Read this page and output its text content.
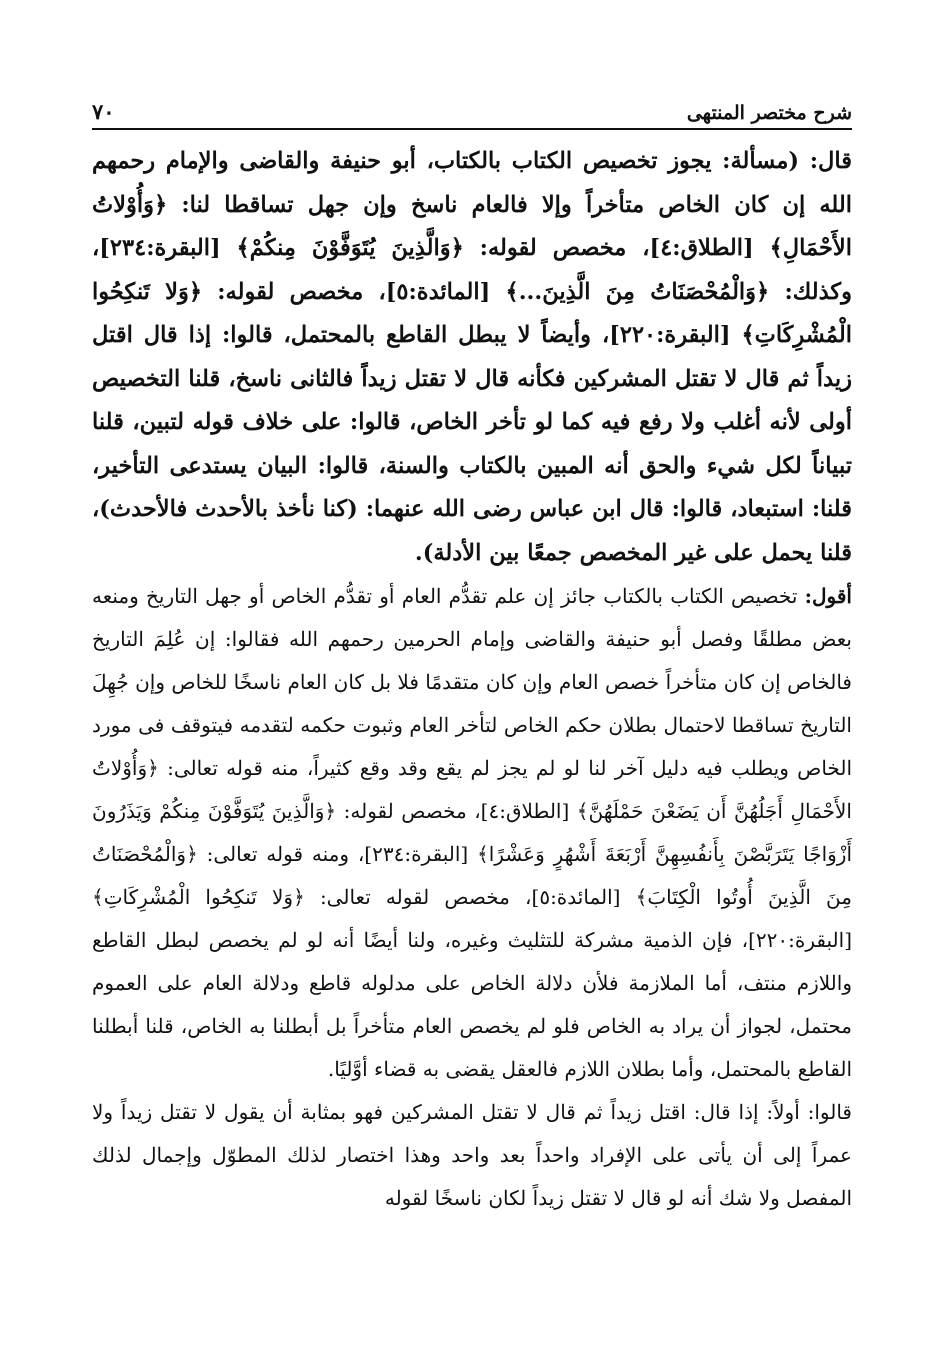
٧٠	شرح مختصر المنتهى

قال: (مسألة: يجوز تخصيص الكتاب بالكتاب، أبو حنيفة والقاضى والإمام رحمهم الله إن كان الخاص متأخراً وإلا فالعام ناسخ وإن جهل تساقطا لنا: ﴿وَأُوْلاتُ الأَحْمَالِ﴾ [الطلاق:٤]، مخصص لقوله: ﴿وَالَّذِينَ يُتَوَفَّوْنَ مِنكُمْ﴾ [البقرة:٢٣٤]، وكذلك: ﴿وَالْمُحْصَنَاتُ مِنَ الَّذِينَ...﴾ [المائدة:٥]، مخصص لقوله: ﴿وَلا تَنكِحُوا الْمُشْرِكَاتِ﴾ [البقرة:٢٢٠]، وأيضاً لا يبطل القاطع بالمحتمل، قالوا: إذا قال اقتل زيداً ثم قال لا تقتل المشركين فكأنه قال لا تقتل زيداً فالثانى ناسخ، قلنا التخصيص أولى لأنه أغلب ولا رفع فيه كما لو تأخر الخاص، قالوا: على خلاف قوله لتبين، قلنا تبياناً لكل شيء والحق أنه المبين بالكتاب والسنة، قالوا: البيان يستدعى التأخير، قلنا: استبعاد، قالوا: قال ابن عباس رضى الله عنهما: (كنا نأخذ بالأحدث فالأحدث)، قلنا يحمل على غير المخصص جمعًا بين الأدلة).

أقول: تخصيص الكتاب بالكتاب جائز إن علم تقدُّم العام أو تقدُّم الخاص أو جهل التاريخ ومنعه بعض مطلقًا وفصل أبو حنيفة والقاضى وإمام الحرمين رحمهم الله فقالوا: إن عُلِمَ التاريخ فالخاص إن كان متأخراً خصص العام وإن كان متقدمًا فلا بل كان العام ناسخًا للخاص وإن جُهِلَ التاريخ تساقطا لاحتمال بطلان حكم الخاص لتأخر العام وثبوت حكمه لتقدمه فيتوقف فى مورد الخاص ويطلب فيه دليل آخر لنا لو لم يجز لم يقع وقد وقع كثيراً، منه قوله تعالى: ﴿وَأُوْلاتُ الأَحْمَالِ أَجَلُهُنَّ أَن يَضَعْنَ حَمْلَهُنَّ﴾ [الطلاق:٤]، مخصص لقوله: ﴿وَالَّذِينَ يُتَوَفَّوْنَ مِنكُمْ وَيَذَرُونَ أَزْوَاجًا يَتَرَبَّصْنَ بِأَنفُسِهِنَّ أَرْبَعَةَ أَشْهُرٍ وَعَشْرًا﴾ [البقرة:٢٣٤]، ومنه قوله تعالى: ﴿وَالْمُحْصَنَاتُ مِنَ الَّذِينَ أُوتُوا الْكِتَابَ﴾ [المائدة:٥]، مخصص لقوله تعالى: ﴿وَلا تَنكِحُوا الْمُشْرِكَاتِ﴾ [البقرة:٢٢٠]، فإن الذمية مشركة للتثليث وغيره، ولنا أيضًا أنه لو لم يخصص لبطل القاطع واللازم منتف، أما الملازمة فلأن دلالة الخاص على مدلوله قاطع ودلالة العام على العموم محتمل، لجواز أن يراد به الخاص فلو لم يخصص العام متأخراً بل أبطلنا به الخاص، قلنا أبطلنا القاطع بالمحتمل، وأما بطلان اللازم فالعقل يقضى به قضاء أوَّليًا.

قالوا: أولاً: إذا قال: اقتل زيداً ثم قال لا تقتل المشركين فهو بمثابة أن يقول لا تقتل زيداً ولا عمراً إلى أن يأتى على الإفراد واحداً بعد واحد وهذا اختصار لذلك المطوّل وإجمال لذلك المفصل ولا شك أنه لو قال لا تقتل زيداً لكان ناسخًا لقوله
